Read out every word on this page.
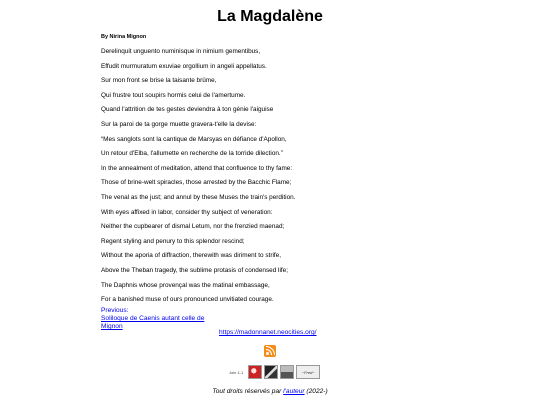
La Magdalène
By Nirina Mignon
Derelinquit unguento numinisque in nimium gementibus,
Effudit murmuratum exuviae orgollium in angeli appellatus.
Sur mon front se brise la taisante brûme,
Qui frustre tout soupirs hormis celui de l'amertume.
Quand l'attrition de tes gestes deviendra à ton génie l'aiguise
Sur la paroi de ta gorge muette gravera-t'elle la devise:
“Mes sanglots sont la cantique de Marsyas en défiance d'Apollon,
Un retour d'Elba, l'allumette en recherche de la torride dilection.”
In the annealment of meditation, attend that confluence to thy fame:
Those of brine-welt spiracles, those arrested by the Bacchic Flame;
The venal as the just; and annul by these Muses the train's perdition.
With eyes affixed in labor, consider thy subject of veneration:
Neither the cupbearer of dismal Letum, nor the frenzied maenad;
Regent styling and penury to this splendor rescind;
Without the aporia of diffraction, therewith was diriment to strife,
Above the Theban tragedy, the sublime protasis of condensed life;
The Daphnis whose provençal was the matinal embassage,
For a banished muse of ours pronounced unvitiated courage.
Previous:
Soliloque de Caenis autant celle de
Mignon
https://madonnanet.neocities.org/
Join 1-1	~Fred~
Tout droits réservés par l'auteur (2022-)
